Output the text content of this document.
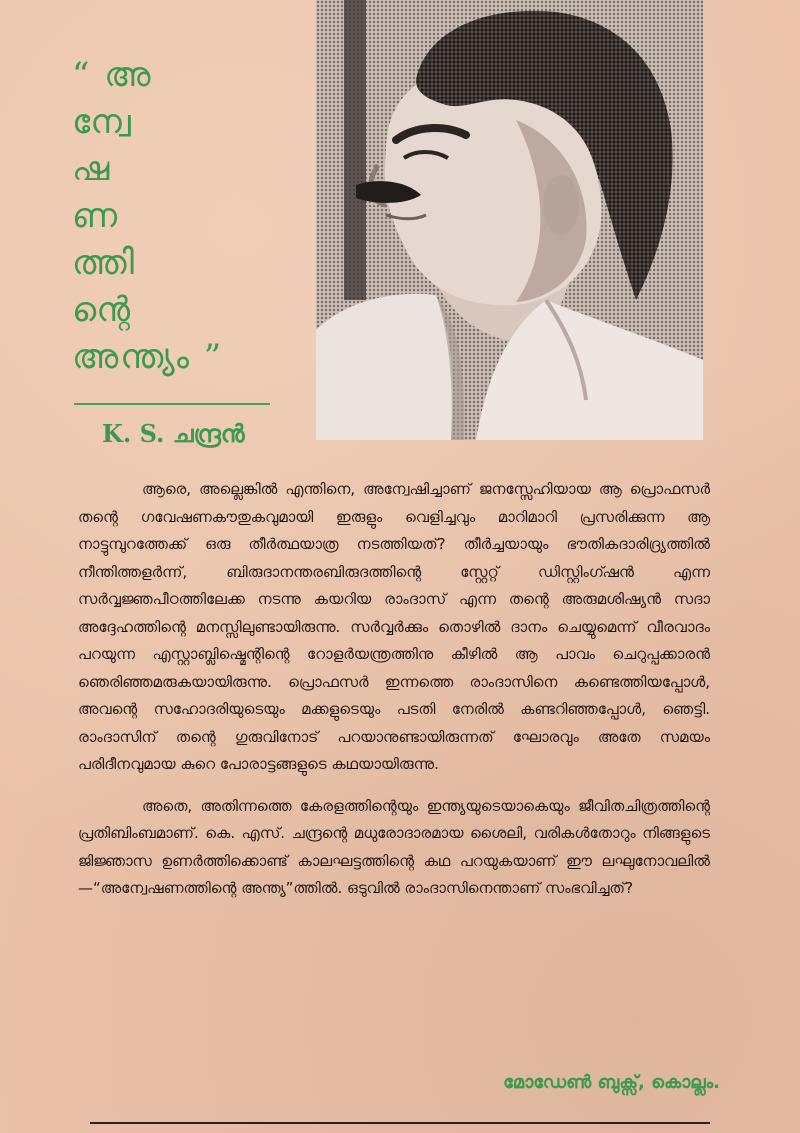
“ അ
ന്വേ
ഷ
ണ
ത്തി
ന്റെ
അന്ത്യം ”
K. S. ചന്ദ്രൻ

ആരെ, അല്ലെങ്കിൽ എന്തിനെ, അന്വേഷിച്ചാണ് ജനസ്സേഹിയായ ആ പ്രൊഫസർ തന്റെ ഗവേഷണകൗതുകവുമായി ഇരുളും വെളിച്ചവും മാറിമാറി പ്രസരിക്കുന്ന ആ നാട്ടുമ്പുറത്തേക്ക് ഒരു തീർത്ഥയാത്ര നടത്തിയത്? തീർച്ചയായും ഭൗതികദാരിദ്ര്യത്തിൽ നീന്തിത്തളർന്ന്, ബിരുദാനന്തരബിരുദത്തിന്റെ സ്റ്റേറ്റ് ഡിസ്റ്റിംഗ്ഷൻ എന്ന സർവ്വജ്ഞപീഠത്തിലേക്ക നടന്നു കയറിയ രാംദാസ് എന്ന തന്റെ അരുമശിഷ്യൻ സദാ അദ്ദേഹത്തിന്റെ മനസ്സിലുണ്ടായിരുന്നു. സർവ്വർക്കും തൊഴിൽ ദാനം ചെയ്യുമെന്ന് വീരവാദം പറയുന്ന എസ്റ്റാബ്ലിഷ്മെന്റിന്റെ റോളർയന്ത്രത്തിനു കീഴിൽ ആ പാവം ചെറുപ്പക്കാരൻ ഞെരിഞ്ഞമരുകയായിരുന്നു. പ്രൊഫസർ ഇന്നത്തെ രാംദാസിനെ കണ്ടെത്തിയപ്പോൾ, അവന്റെ സഹോദരിയുടെയും മക്കളുടെയും പടതി നേരിൽ കണ്ടറിഞ്ഞപ്പോൾ, ഞെട്ടി. രാംദാസിന് തന്റെ ഗുരുവിനോട് പറയാനുണ്ടായിരുന്നത് ഘോരവും അതേ സമയം പരിദീനവുമായ കുറെ പോരാട്ടങ്ങളുടെ കഥയായിരുന്നു.

അതെ, അതിന്നത്തെ കേരളത്തിന്റെയും ഇന്ത്യയുടെയാകെയും ജീവിതചിത്രത്തിന്റെ പ്രതിബിംബമാണ്. കെ. എസ്. ചന്ദ്രന്റെ മധുരോദാരമായ ശൈലി, വരികൾതോറും നിങ്ങളുടെ ജിജ്ഞാസ ഉണർത്തിക്കൊണ്ട് കാലഘട്ടത്തിന്റെ കഥ പറയുകയാണ് ഈ ലഘുനോവലിൽ—“അന്വേഷണത്തിന്റെ അന്ത്യ”ത്തിൽ. ഒടുവിൽ രാംദാസിനെന്താണ് സംഭവിച്ചത്?

മോഡേൺ ബുക്സ്, കൊല്ലം.
